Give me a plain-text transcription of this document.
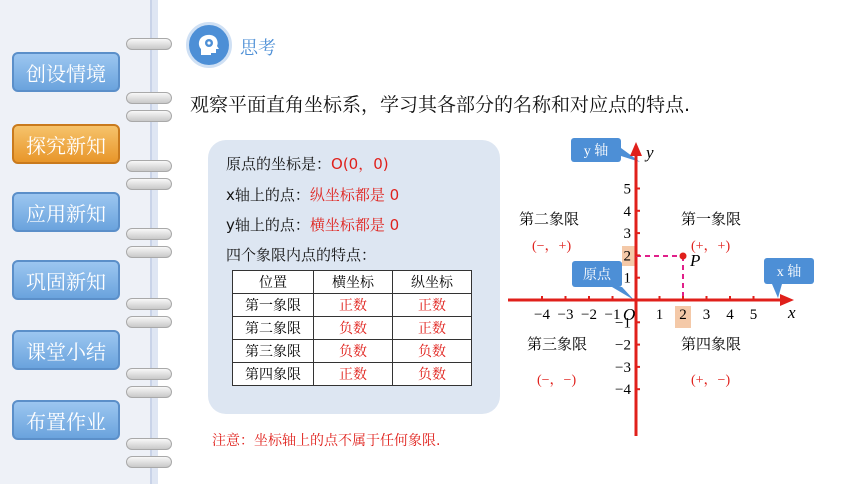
创设情境
探究新知
应用新知
巩固新知
课堂小结
布置作业
思考
观察平面直角坐标系，学习其各部分的名称和对应点的特点.
原点的坐标是：O(0，0)
x轴上的点：纵坐标都是 0
y轴上的点：横坐标都是 0
四个象限内点的特点：
位置	横坐标	纵坐标
第一象限	正数	正数
第二象限	负数	正数
第三象限	负数	负数
第四象限	正数	负数
注意：坐标轴上的点不属于任何象限.
y 轴
x 轴
原点
−4 −3 −2 −1 1 2 3 4 5
5
4
3
2
1
−1
−2
−3
−4
x
y
O
P
第二象限
(−，+)
第一象限
(+，+)
第三象限
(−，−)
第四象限
(+，−)
